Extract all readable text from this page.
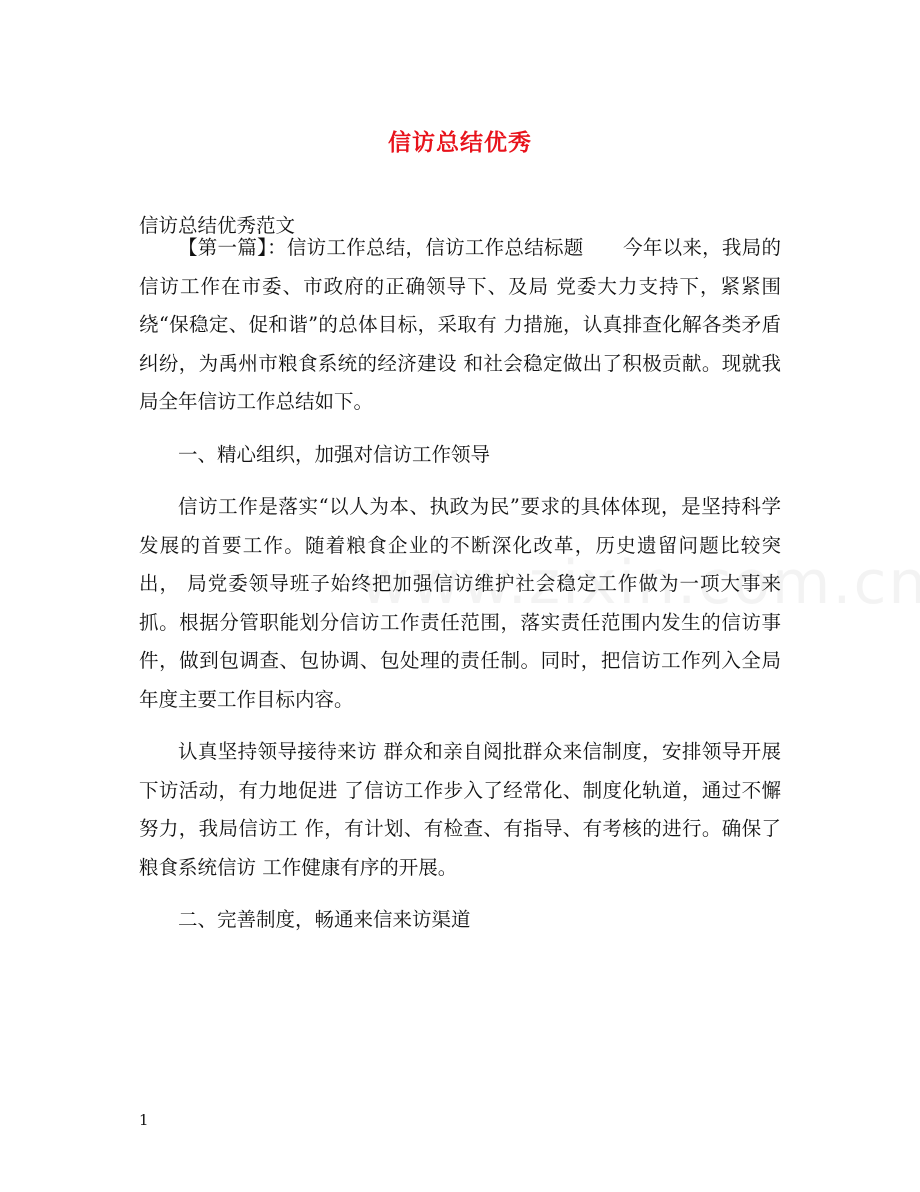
信访总结优秀
信访总结优秀范文

【第一篇】：信访工作总结，信访工作总结标题　　今年以来，我局的信访工作在市委、市政府的正确领导下、及局 党委大力支持下，紧紧围绕“保稳定、促和谐”的总体目标，采取有 力措施，认真排查化解各类矛盾纠纷，为禹州市粮食系统的经济建设 和社会稳定做出了积极贡献。现就我局全年信访工作总结如下。

一、精心组织，加强对信访工作领导

信访工作是落实“以人为本、执政为民”要求的具体体现，是坚持科学发展的首要工作。随着粮食企业的不断深化改革，历史遗留问题比较突出， 局党委领导班子始终把加强信访维护社会稳定工作做为一项大事来抓。根据分管职能划分信访工作责任范围，落实责任范围内发生的信访事件，做到包调查、包协调、包处理的责任制。同时，把信访工作列入全局年度主要工作目标内容。

认真坚持领导接待来访 群众和亲自阅批群众来信制度，安排领导开展下访活动，有力地促进 了信访工作步入了经常化、制度化轨道，通过不懈努力，我局信访工 作，有计划、有检查、有指导、有考核的进行。确保了粮食系统信访 工作健康有序的开展。

二、完善制度，畅通来信来访渠道

1
